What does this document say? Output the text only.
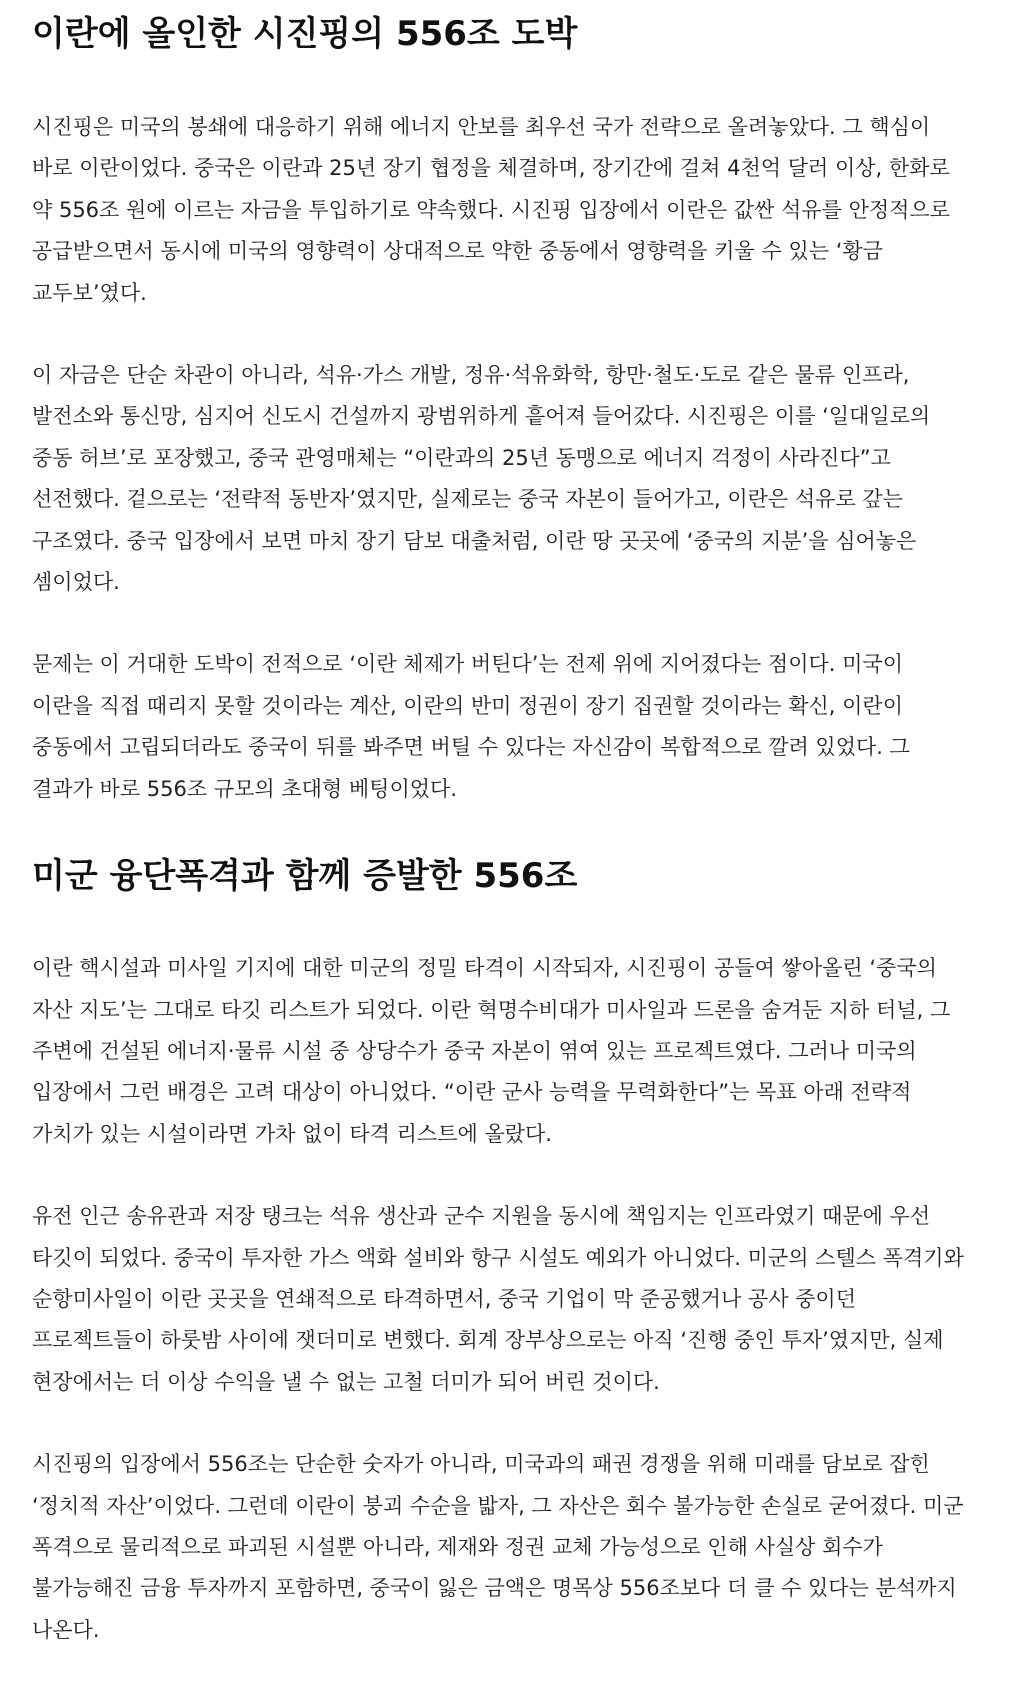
이란에 올인한 시진핑의 556조 도박

시진핑은 미국의 봉쇄에 대응하기 위해 에너지 안보를 최우선 국가 전략으로 올려놓았다. 그 핵심이 바로 이란이었다. 중국은 이란과 25년 장기 협정을 체결하며, 장기간에 걸쳐 4천억 달러 이상, 한화로 약 556조 원에 이르는 자금을 투입하기로 약속했다. 시진핑 입장에서 이란은 값싼 석유를 안정적으로 공급받으면서 동시에 미국의 영향력이 상대적으로 약한 중동에서 영향력을 키울 수 있는 ‘황금 교두보’였다.

이 자금은 단순 차관이 아니라, 석유·가스 개발, 정유·석유화학, 항만·철도·도로 같은 물류 인프라, 발전소와 통신망, 심지어 신도시 건설까지 광범위하게 흩어져 들어갔다. 시진핑은 이를 ‘일대일로의 중동 허브’로 포장했고, 중국 관영매체는 “이란과의 25년 동맹으로 에너지 걱정이 사라진다”고 선전했다. 겉으로는 ‘전략적 동반자’였지만, 실제로는 중국 자본이 들어가고, 이란은 석유로 갚는 구조였다. 중국 입장에서 보면 마치 장기 담보 대출처럼, 이란 땅 곳곳에 ‘중국의 지분’을 심어놓은 셈이었다.

문제는 이 거대한 도박이 전적으로 ‘이란 체제가 버틴다’는 전제 위에 지어졌다는 점이다. 미국이 이란을 직접 때리지 못할 것이라는 계산, 이란의 반미 정권이 장기 집권할 것이라는 확신, 이란이 중동에서 고립되더라도 중국이 뒤를 봐주면 버틸 수 있다는 자신감이 복합적으로 깔려 있었다. 그 결과가 바로 556조 규모의 초대형 베팅이었다.

미군 융단폭격과 함께 증발한 556조

이란 핵시설과 미사일 기지에 대한 미군의 정밀 타격이 시작되자, 시진핑이 공들여 쌓아올린 ‘중국의 자산 지도’는 그대로 타깃 리스트가 되었다. 이란 혁명수비대가 미사일과 드론을 숨겨둔 지하 터널, 그 주변에 건설된 에너지·물류 시설 중 상당수가 중국 자본이 엮여 있는 프로젝트였다. 그러나 미국의 입장에서 그런 배경은 고려 대상이 아니었다. “이란 군사 능력을 무력화한다”는 목표 아래 전략적 가치가 있는 시설이라면 가차 없이 타격 리스트에 올랐다.

유전 인근 송유관과 저장 탱크는 석유 생산과 군수 지원을 동시에 책임지는 인프라였기 때문에 우선 타깃이 되었다. 중국이 투자한 가스 액화 설비와 항구 시설도 예외가 아니었다. 미군의 스텔스 폭격기와 순항미사일이 이란 곳곳을 연쇄적으로 타격하면서, 중국 기업이 막 준공했거나 공사 중이던 프로젝트들이 하룻밤 사이에 잿더미로 변했다. 회계 장부상으로는 아직 ‘진행 중인 투자’였지만, 실제 현장에서는 더 이상 수익을 낼 수 없는 고철 더미가 되어 버린 것이다.

시진핑의 입장에서 556조는 단순한 숫자가 아니라, 미국과의 패권 경쟁을 위해 미래를 담보로 잡힌 ‘정치적 자산’이었다. 그런데 이란이 붕괴 수순을 밟자, 그 자산은 회수 불가능한 손실로 굳어졌다. 미군 폭격으로 물리적으로 파괴된 시설뿐 아니라, 제재와 정권 교체 가능성으로 인해 사실상 회수가 불가능해진 금융 투자까지 포함하면, 중국이 잃은 금액은 명목상 556조보다 더 클 수 있다는 분석까지 나온다.
